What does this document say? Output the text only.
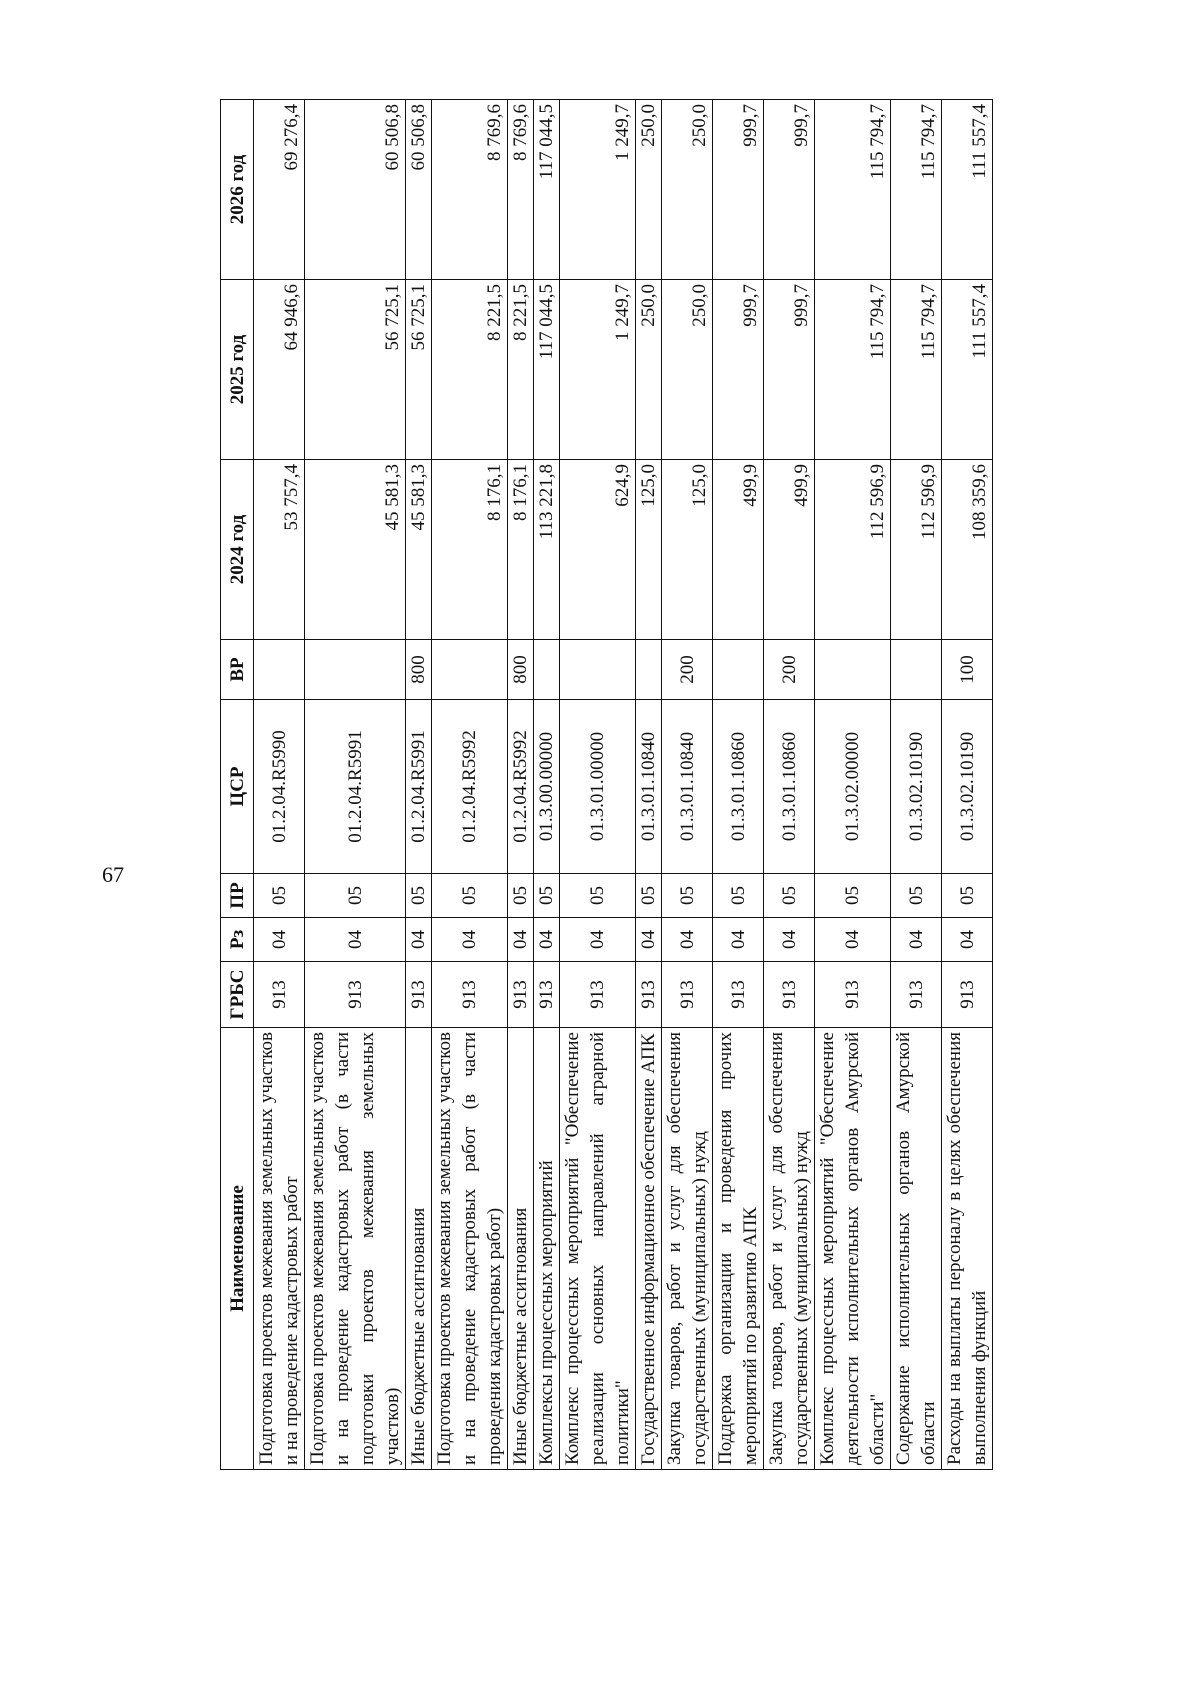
67
Наименование	ГРБС	Рз	ПР	ЦСР	ВР	2024 год	2025 год	2026 год
Подготовка проектов межевания земельных участков и на проведение кадастровых работ	913	04	05	01.2.04.R5990		53 757,4	64 946,6	69 276,4
Подготовка проектов межевания земельных участков и на проведение кадастровых работ (в части подготовки проектов межевания земельных участков)	913	04	05	01.2.04.R5991		45 581,3	56 725,1	60 506,8
Иные бюджетные ассигнования	913	04	05	01.2.04.R5991	800	45 581,3	56 725,1	60 506,8
Подготовка проектов межевания земельных участков и на проведение кадастровых работ (в части проведения кадастровых работ)	913	04	05	01.2.04.R5992		8 176,1	8 221,5	8 769,6
Иные бюджетные ассигнования	913	04	05	01.2.04.R5992	800	8 176,1	8 221,5	8 769,6
Комплексы процессных мероприятий	913	04	05	01.3.00.00000		113 221,8	117 044,5	117 044,5
Комплекс процессных мероприятий "Обеспечение реализации основных направлений аграрной политики"	913	04	05	01.3.01.00000		624,9	1 249,7	1 249,7
Государственное информационное обеспечение АПК	913	04	05	01.3.01.10840		125,0	250,0	250,0
Закупка товаров, работ и услуг для обеспечения государственных (муниципальных) нужд	913	04	05	01.3.01.10840	200	125,0	250,0	250,0
Поддержка организации и проведения прочих мероприятий по развитию АПК	913	04	05	01.3.01.10860		499,9	999,7	999,7
Закупка товаров, работ и услуг для обеспечения государственных (муниципальных) нужд	913	04	05	01.3.01.10860	200	499,9	999,7	999,7
Комплекс процессных мероприятий "Обеспечение деятельности исполнительных органов Амурской области"	913	04	05	01.3.02.00000		112 596,9	115 794,7	115 794,7
Содержание исполнительных органов Амурской области	913	04	05	01.3.02.10190		112 596,9	115 794,7	115 794,7
Расходы на выплаты персоналу в целях обеспечения выполнения функций	913	04	05	01.3.02.10190	100	108 359,6	111 557,4	111 557,4
